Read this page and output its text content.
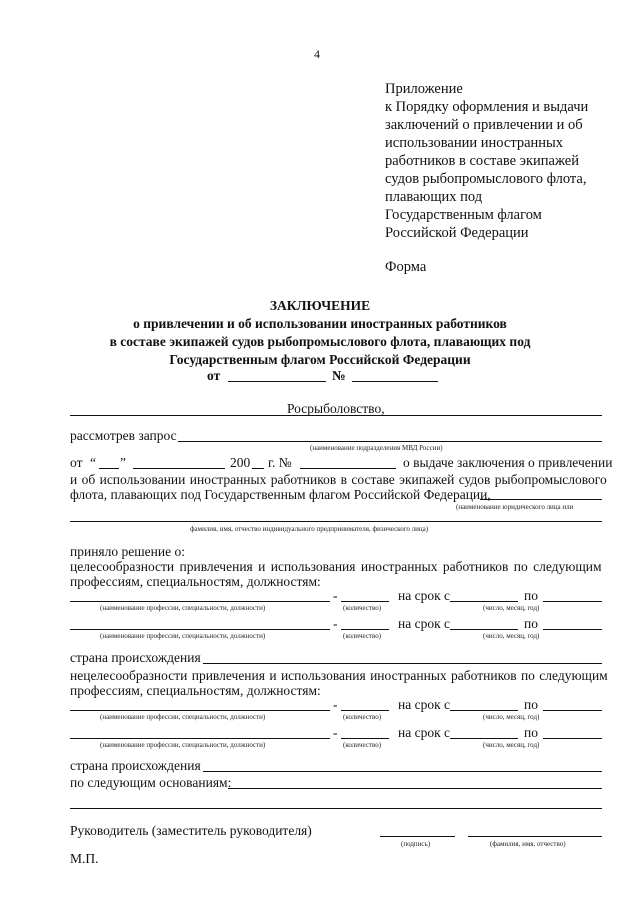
4
Приложение
к Порядку оформления и выдачи
заключений о привлечении и об
использовании иностранных
работников в составе экипажей
судов рыбопромыслового флота,
плавающих под
Государственным флагом
Российской Федерации
Форма
ЗАКЛЮЧЕНИЕ
о привлечении и об использовании иностранных работников
в составе экипажей судов рыбопромыслового флота, плавающих под
Государственным флагом Российской Федерации
от	№
Росрыболовство,
рассмотрев запрос
(наименование подразделения МВД России)
от “ ”	200 г. №	о выдаче заключения о привлечении
и об использовании иностранных работников в составе экипажей судов рыбопромыслового
флота, плавающих под Государственным флагом Российской Федерации,
(наименование юридического лица или
фамилия, имя, отчество индивидуального предпринимателя, физического лица)
приняло решение о:
целесообразности привлечения и использования иностранных работников по следующим
профессиям, специальностям, должностям:
-	на срок с	по
(наименование профессии, специальности, должности)	(количество)	(число, месяц, год)
-	на срок с	по
(наименование профессии, специальности, должности)	(количество)	(число, месяц, год)
страна происхождения
нецелесообразности привлечения и использования иностранных работников по следующим
профессиям, специальностям, должностям:
-	на срок с	по
(наименование профессии, специальности, должности)	(количество)	(число, месяц, год)
-	на срок с	по
(наименование профессии, специальности, должности)	(количество)	(число, месяц, год)
страна происхождения
по следующим основаниям:
Руководитель (заместитель руководителя)
(подпись)	(фамилия, имя, отчество)
М.П.
